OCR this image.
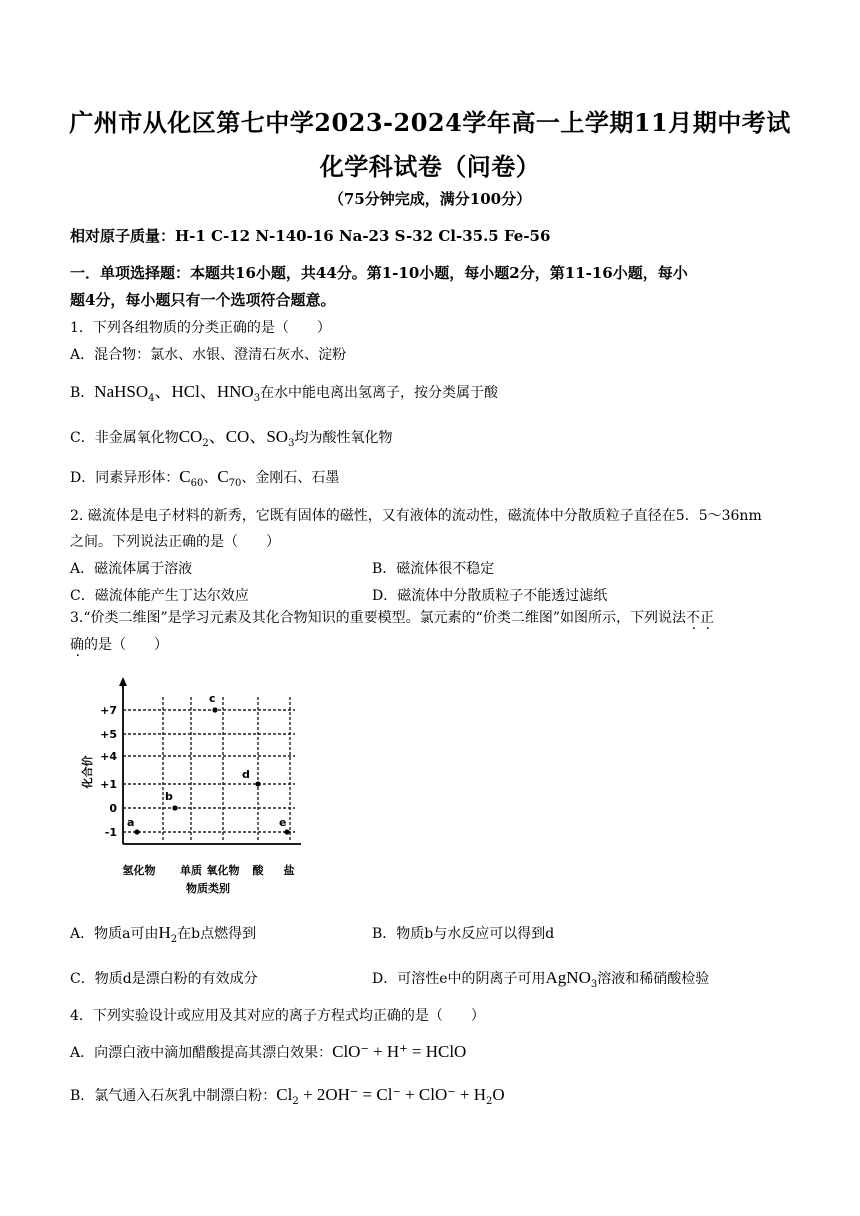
广州市从化区第七中学2023-2024学年高一上学期11月期中考试
化学科试卷（问卷）
（75分钟完成，满分100分）
相对原子质量：H-1 C-12 N-140-16 Na-23 S-32 Cl-35.5 Fe-56
一．单项选择题：本题共16小题，共44分。第1-10小题，每小题2分，第11-16小题，每小
题4分，每小题只有一个选项符合题意。
1．下列各组物质的分类正确的是（　　）
A．混合物：氯水、水银、澄清石灰水、淀粉
B．NaHSO$_4$、HCl、$HNO_3$在水中能电离出氢离子，按分类属于酸
C．非金属氧化物$CO_2$、CO、$SO_3$均为酸性氧化物
D．同素异形体：$C_{60}$、$C_{70}$、金刚石、石墨
2. 磁流体是电子材料的新秀，它既有固体的磁性，又有液体的流动性，磁流体中分散质粒子直径在5．5～36nm
之间。下列说法正确的是（　　）
A．磁流体属于溶液	B．磁流体很不稳定
C．磁流体能产生丁达尔效应	D．磁流体中分散质粒子不能透过滤纸
3.“价类二维图”是学习元素及其化合物知识的重要模型。氯元素的“价类二维图”如图所示，下列说法不正
确的是（　　）
+7
+5
+4
+1
0
-1
化合价
氢化物 单质 氧化物 酸 盐
物质类别
a
b
c
d
e
A．物质a可由$H_2$在b点燃得到	B．物质b与水反应可以得到d
C．物质d是漂白粉的有效成分	D．可溶性e中的阴离子可用AgNO$_3$溶液和稀硝酸检验
4．下列实验设计或应用及其对应的离子方程式均正确的是（　　）
A．向漂白液中滴加醋酸提高其漂白效果：ClO− + H+ = HClO
B．氯气通入石灰乳中制漂白粉：$Cl_2 + 2OH^- = Cl^- + ClO^- + H_2O$
